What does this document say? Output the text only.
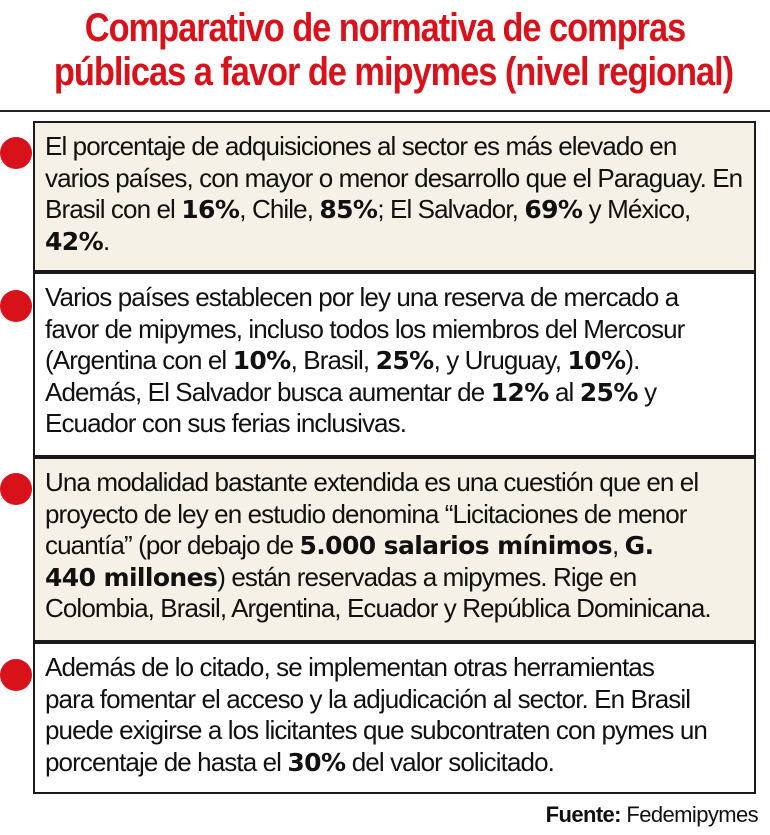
Comparativo de normativa de compras
públicas a favor de mipymes (nivel regional)
El porcentaje de adquisiciones al sector es más elevado en
varios países, con mayor o menor desarrollo que el Paraguay. En
Brasil con el 16%, Chile, 85%; El Salvador, 69% y México,
42%.
Varios países establecen por ley una reserva de mercado a
favor de mipymes, incluso todos los miembros del Mercosur
(Argentina con el 10%, Brasil, 25%, y Uruguay, 10%).
Además, El Salvador busca aumentar de 12% al 25% y
Ecuador con sus ferias inclusivas.
Una modalidad bastante extendida es una cuestión que en el
proyecto de ley en estudio denomina “Licitaciones de menor
cuantía” (por debajo de 5.000 salarios mínimos, G.
440 millones) están reservadas a mipymes. Rige en
Colombia, Brasil, Argentina, Ecuador y República Dominicana.
Además de lo citado, se implementan otras herramientas
para fomentar el acceso y la adjudicación al sector. En Brasil
puede exigirse a los licitantes que subcontraten con pymes un
porcentaje de hasta el 30% del valor solicitado.
Fuente: Fedemipymes
